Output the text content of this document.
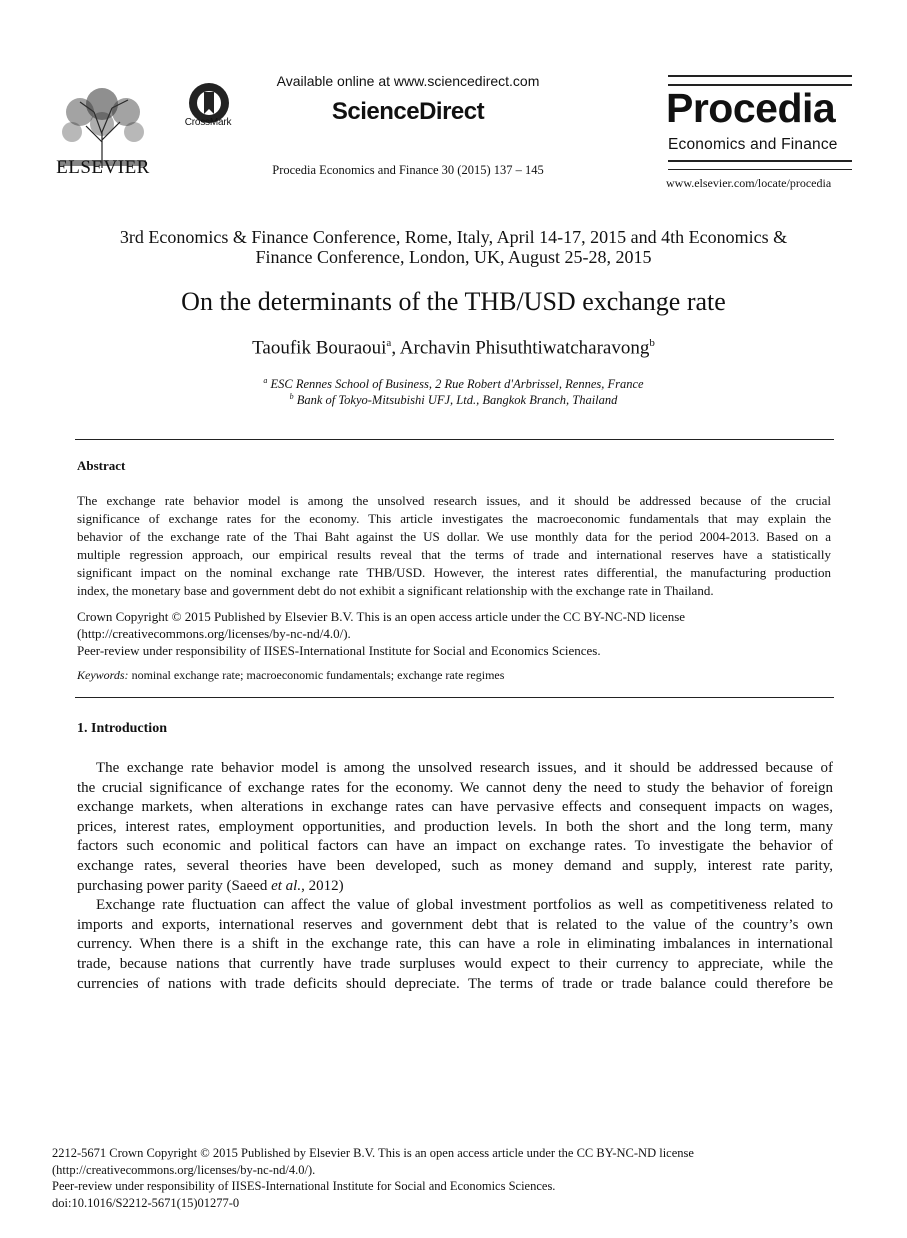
ELSEVIER
CrossMark
Available online at www.sciencedirect.com
ScienceDirect
Procedia Economics and Finance 30 (2015) 137 – 145
Procedia
Economics and Finance
www.elsevier.com/locate/procedia
3rd Economics & Finance Conference, Rome, Italy, April 14-17, 2015 and 4th Economics &
Finance Conference, London, UK, August 25-28, 2015
On the determinants of the THB/USD exchange rate
Taoufik Bouraoui$^a$, Archavin Phisuthtiwatcharavong$^b$
$^a$ ESC Rennes School of Business, 2 Rue Robert d'Arbrissel, Rennes, France
$^b$ Bank of Tokyo-Mitsubishi UFJ, Ltd., Bangkok Branch, Thailand
Abstract
The exchange rate behavior model is among the unsolved research issues, and it should be addressed because of the crucial
significance of exchange rates for the economy. This article investigates the macroeconomic fundamentals that may explain the
behavior of the exchange rate of the Thai Baht against the US dollar. We use monthly data for the period 2004-2013. Based on a
multiple regression approach, our empirical results reveal that the terms of trade and international reserves have a statistically
significant impact on the nominal exchange rate THB/USD. However, the interest rates differential, the manufacturing production
index, the monetary base and government debt do not exhibit a significant relationship with the exchange rate in Thailand.
Crown Copyright © 2015 Published by Elsevier B.V. This is an open access article under the CC BY-NC-ND license
(http://creativecommons.org/licenses/by-nc-nd/4.0/).
Peer-review under responsibility of IISES-International Institute for Social and Economics Sciences.
Keywords: nominal exchange rate; macroeconomic fundamentals; exchange rate regimes
1. Introduction
The exchange rate behavior model is among the unsolved research issues, and it should be addressed because of
the crucial significance of exchange rates for the economy. We cannot deny the need to study the behavior of foreign
exchange markets, when alterations in exchange rates can have pervasive effects and consequent impacts on wages,
prices, interest rates, employment opportunities, and production levels. In both the short and the long term, many
factors such economic and political factors can have an impact on exchange rates. To investigate the behavior of
exchange rates, several theories have been developed, such as money demand and supply, interest rate parity,
purchasing power parity (Saeed et al., 2012)
Exchange rate fluctuation can affect the value of global investment portfolios as well as competitiveness related to
imports and exports, international reserves and government debt that is related to the value of the country’s own
currency. When there is a shift in the exchange rate, this can have a role in eliminating imbalances in international
trade, because nations that currently have trade surpluses would expect to their currency to appreciate, while the
currencies of nations with trade deficits should depreciate. The terms of trade or trade balance could therefore be
2212-5671 Crown Copyright © 2015 Published by Elsevier B.V. This is an open access article under the CC BY-NC-ND license
(http://creativecommons.org/licenses/by-nc-nd/4.0/).
Peer-review under responsibility of IISES-International Institute for Social and Economics Sciences.
doi:10.1016/S2212-5671(15)01277-0
